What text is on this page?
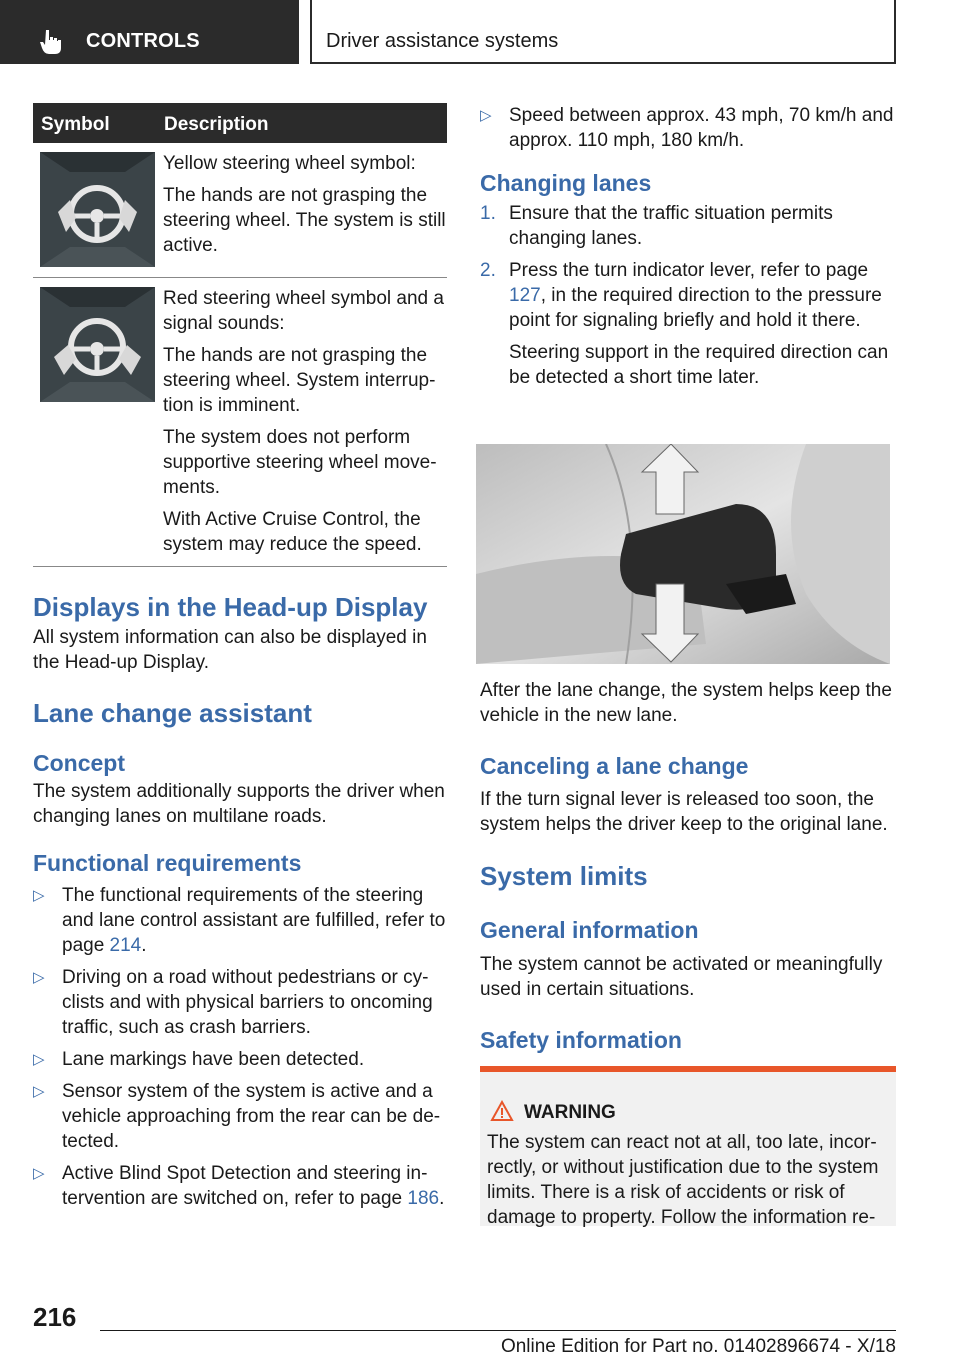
CONTROLS	Driver assistance systems
Symbol	Description

Yellow steering wheel symbol:

The hands are not grasping the steering wheel. The system is still active.

Red steering wheel symbol and a signal sounds:

The hands are not grasping the steering wheel. System interrup-tion is imminent.

The system does not perform supportive steering wheel move-ments.

With Active Cruise Control, the system may reduce the speed.

Displays in the Head-up Display

All system information can also be displayed in the Head-up Display.

Lane change assistant
Concept

The system additionally supports the driver when changing lanes on multilane roads.

Functional requirements
▷ The functional requirements of the steering and lane control assistant are fulfilled, refer to page 214.
▷ Driving on a road without pedestrians or cy-clists and with physical barriers to oncoming traffic, such as crash barriers.
▷ Lane markings have been detected.
▷ Sensor system of the system is active and a vehicle approaching from the rear can be de-tected.
▷ Active Blind Spot Detection and steering in-tervention are switched on, refer to page 186.
▷ Speed between approx. 43 mph, 70 km/h and approx. 110 mph, 180 km/h.
Changing lanes
1. Ensure that the traffic situation permits changing lanes.
2. Press the turn indicator lever, refer to page 127, in the required direction to the pressure point for signaling briefly and hold it there.
Steering support in the required direction can be detected a short time later.

After the lane change, the system helps keep the vehicle in the new lane.

Canceling a lane change

If the turn signal lever is released too soon, the system helps the driver keep to the original lane.

System limits
General information

The system cannot be activated or meaningfully used in certain situations.

Safety information
WARNING

The system can react not at all, too late, incor-rectly, or without justification due to the system limits. There is a risk of accidents or risk of damage to property. Follow the information re-

216
Online Edition for Part no. 01402896674 - X/18
